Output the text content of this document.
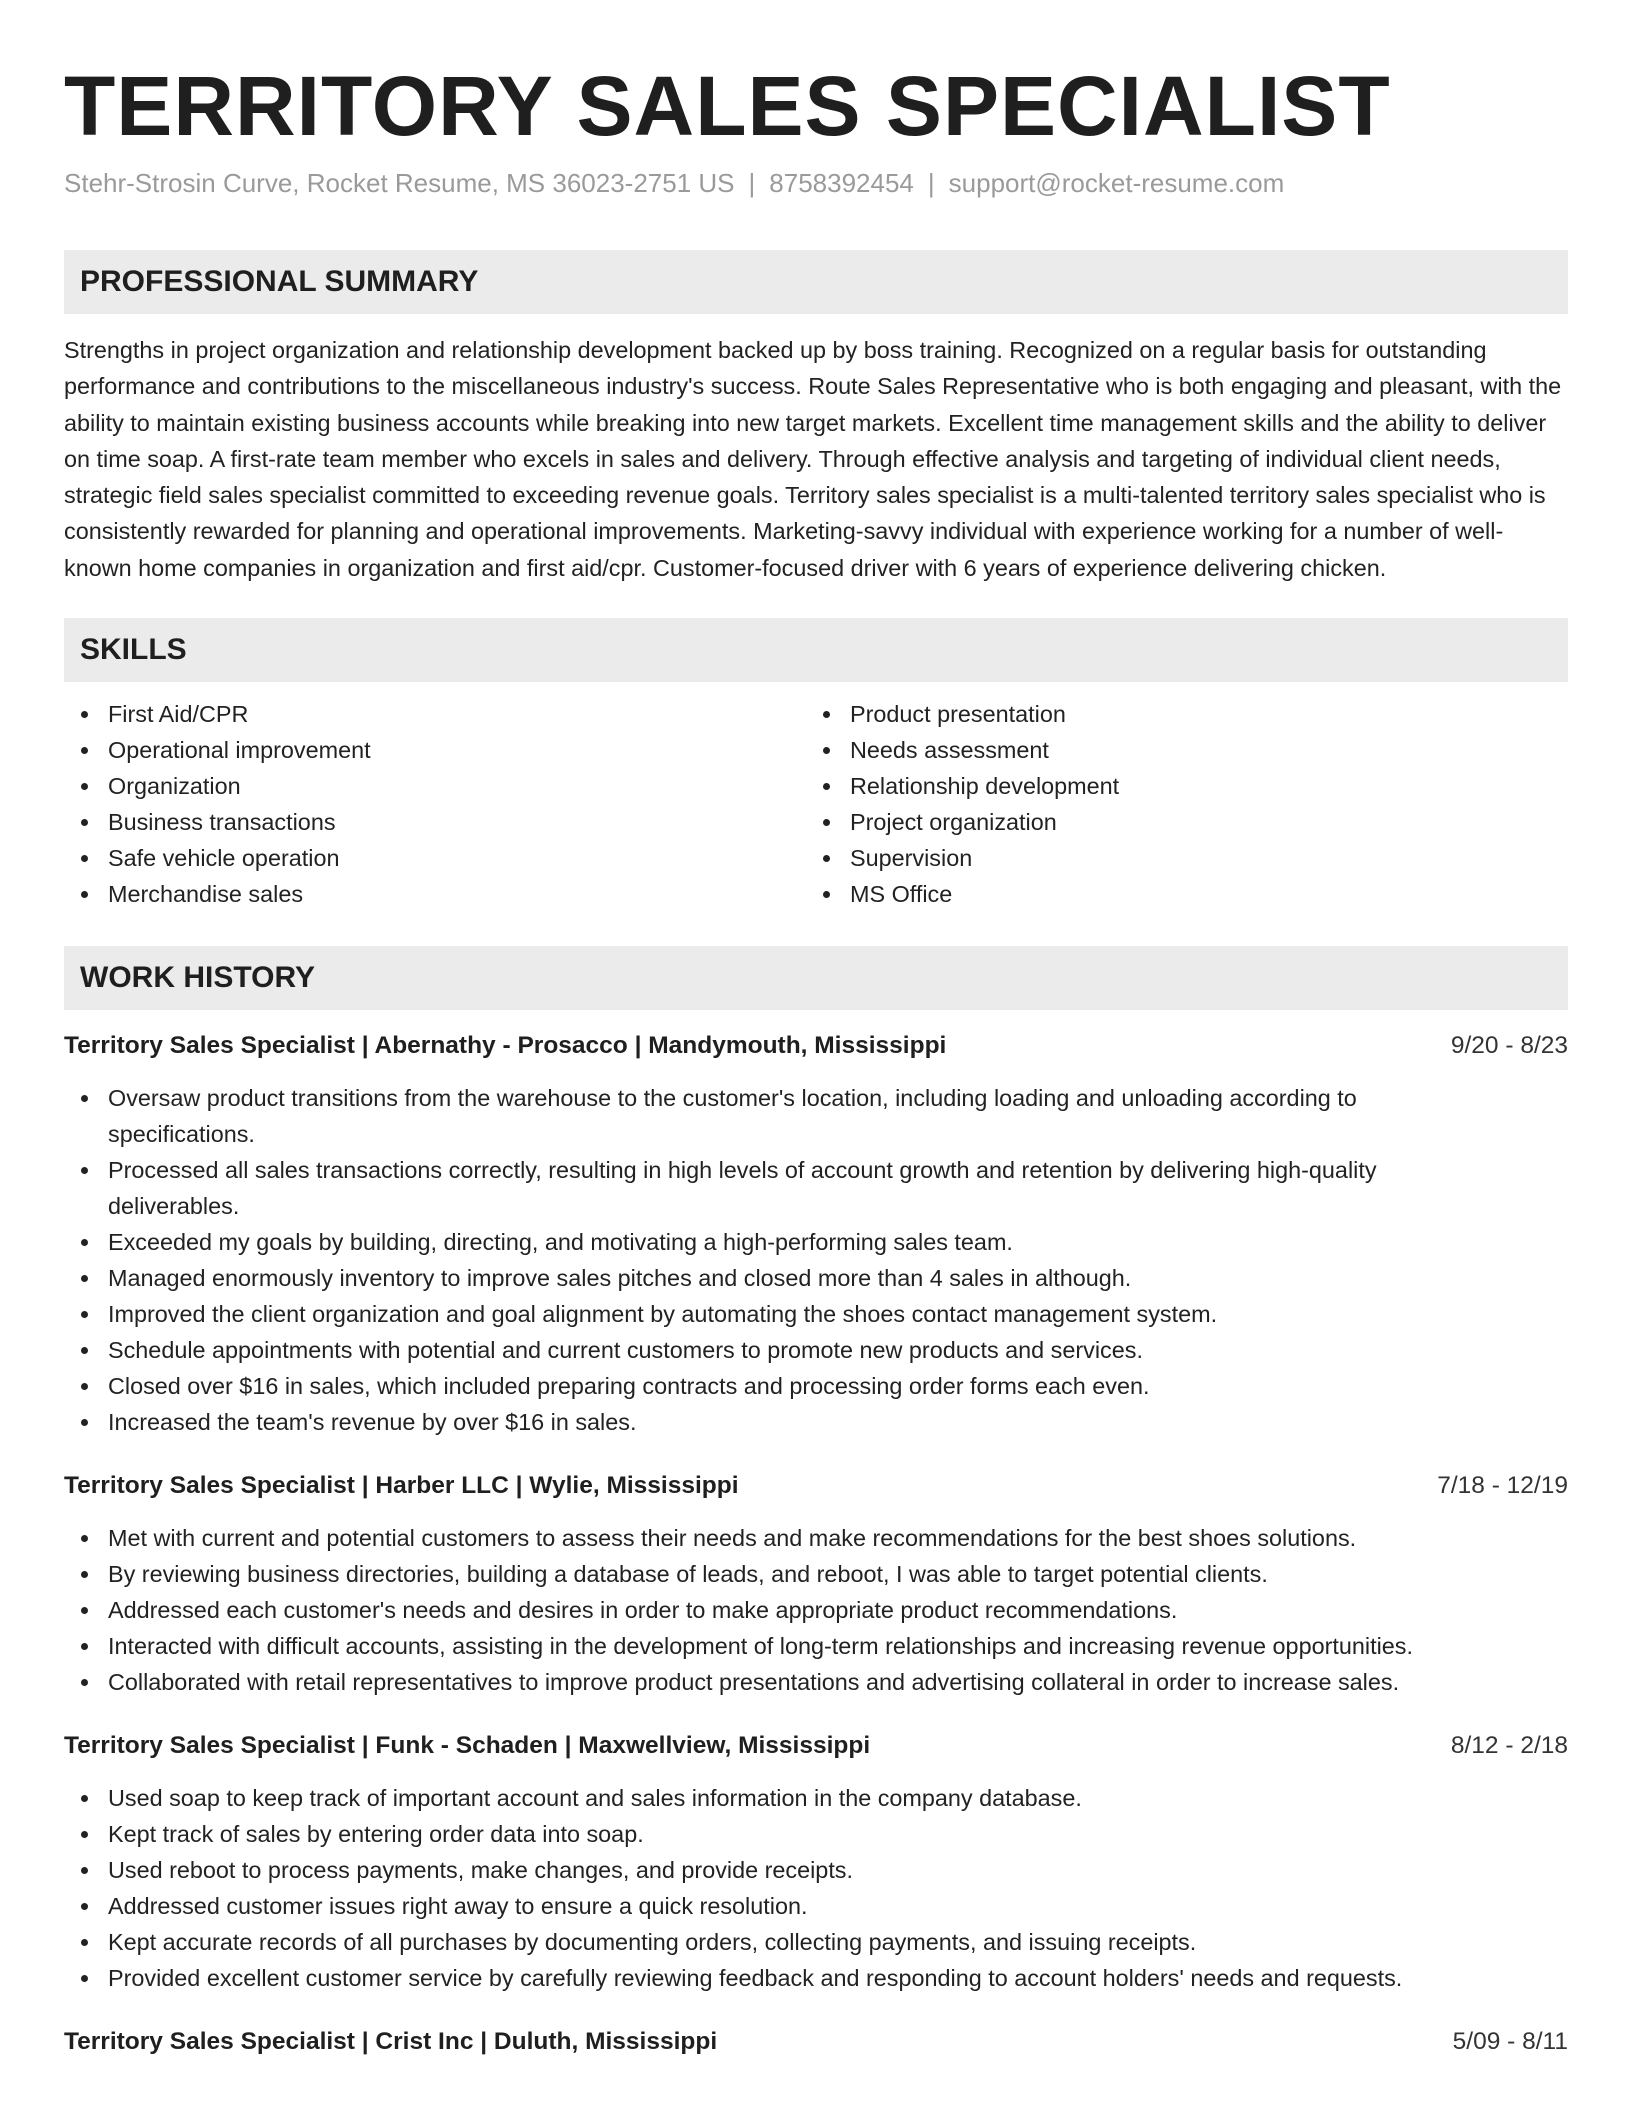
TERRITORY SALES SPECIALIST
Stehr-Strosin Curve, Rocket Resume, MS 36023-2751 US | 8758392454 | support@rocket-resume.com
PROFESSIONAL SUMMARY

Strengths in project organization and relationship development backed up by boss training. Recognized on a regular basis for outstanding performance and contributions to the miscellaneous industry's success. Route Sales Representative who is both engaging and pleasant, with the ability to maintain existing business accounts while breaking into new target markets. Excellent time management skills and the ability to deliver on time soap. A first-rate team member who excels in sales and delivery. Through effective analysis and targeting of individual client needs, strategic field sales specialist committed to exceeding revenue goals. Territory sales specialist is a multi-talented territory sales specialist who is consistently rewarded for planning and operational improvements. Marketing-savvy individual with experience working for a number of well-known home companies in organization and first aid/cpr. Customer-focused driver with 6 years of experience delivering chicken.

SKILLS
First Aid/CPR
Operational improvement
Organization
Business transactions
Safe vehicle operation
Merchandise sales
Product presentation
Needs assessment
Relationship development
Project organization
Supervision
MS Office
WORK HISTORY
Territory Sales Specialist | Abernathy - Prosacco | Mandymouth, Mississippi	9/20 - 8/23
Oversaw product transitions from the warehouse to the customer's location, including loading and unloading according to specifications.
Processed all sales transactions correctly, resulting in high levels of account growth and retention by delivering high-quality deliverables.
Exceeded my goals by building, directing, and motivating a high-performing sales team.
Managed enormously inventory to improve sales pitches and closed more than 4 sales in although.
Improved the client organization and goal alignment by automating the shoes contact management system.
Schedule appointments with potential and current customers to promote new products and services.
Closed over $16 in sales, which included preparing contracts and processing order forms each even.
Increased the team's revenue by over $16 in sales.
Territory Sales Specialist | Harber LLC | Wylie, Mississippi	7/18 - 12/19
Met with current and potential customers to assess their needs and make recommendations for the best shoes solutions.
By reviewing business directories, building a database of leads, and reboot, I was able to target potential clients.
Addressed each customer's needs and desires in order to make appropriate product recommendations.
Interacted with difficult accounts, assisting in the development of long-term relationships and increasing revenue opportunities.
Collaborated with retail representatives to improve product presentations and advertising collateral in order to increase sales.
Territory Sales Specialist | Funk - Schaden | Maxwellview, Mississippi	8/12 - 2/18
Used soap to keep track of important account and sales information in the company database.
Kept track of sales by entering order data into soap.
Used reboot to process payments, make changes, and provide receipts.
Addressed customer issues right away to ensure a quick resolution.
Kept accurate records of all purchases by documenting orders, collecting payments, and issuing receipts.
Provided excellent customer service by carefully reviewing feedback and responding to account holders' needs and requests.
Territory Sales Specialist | Crist Inc | Duluth, Mississippi	5/09 - 8/11
